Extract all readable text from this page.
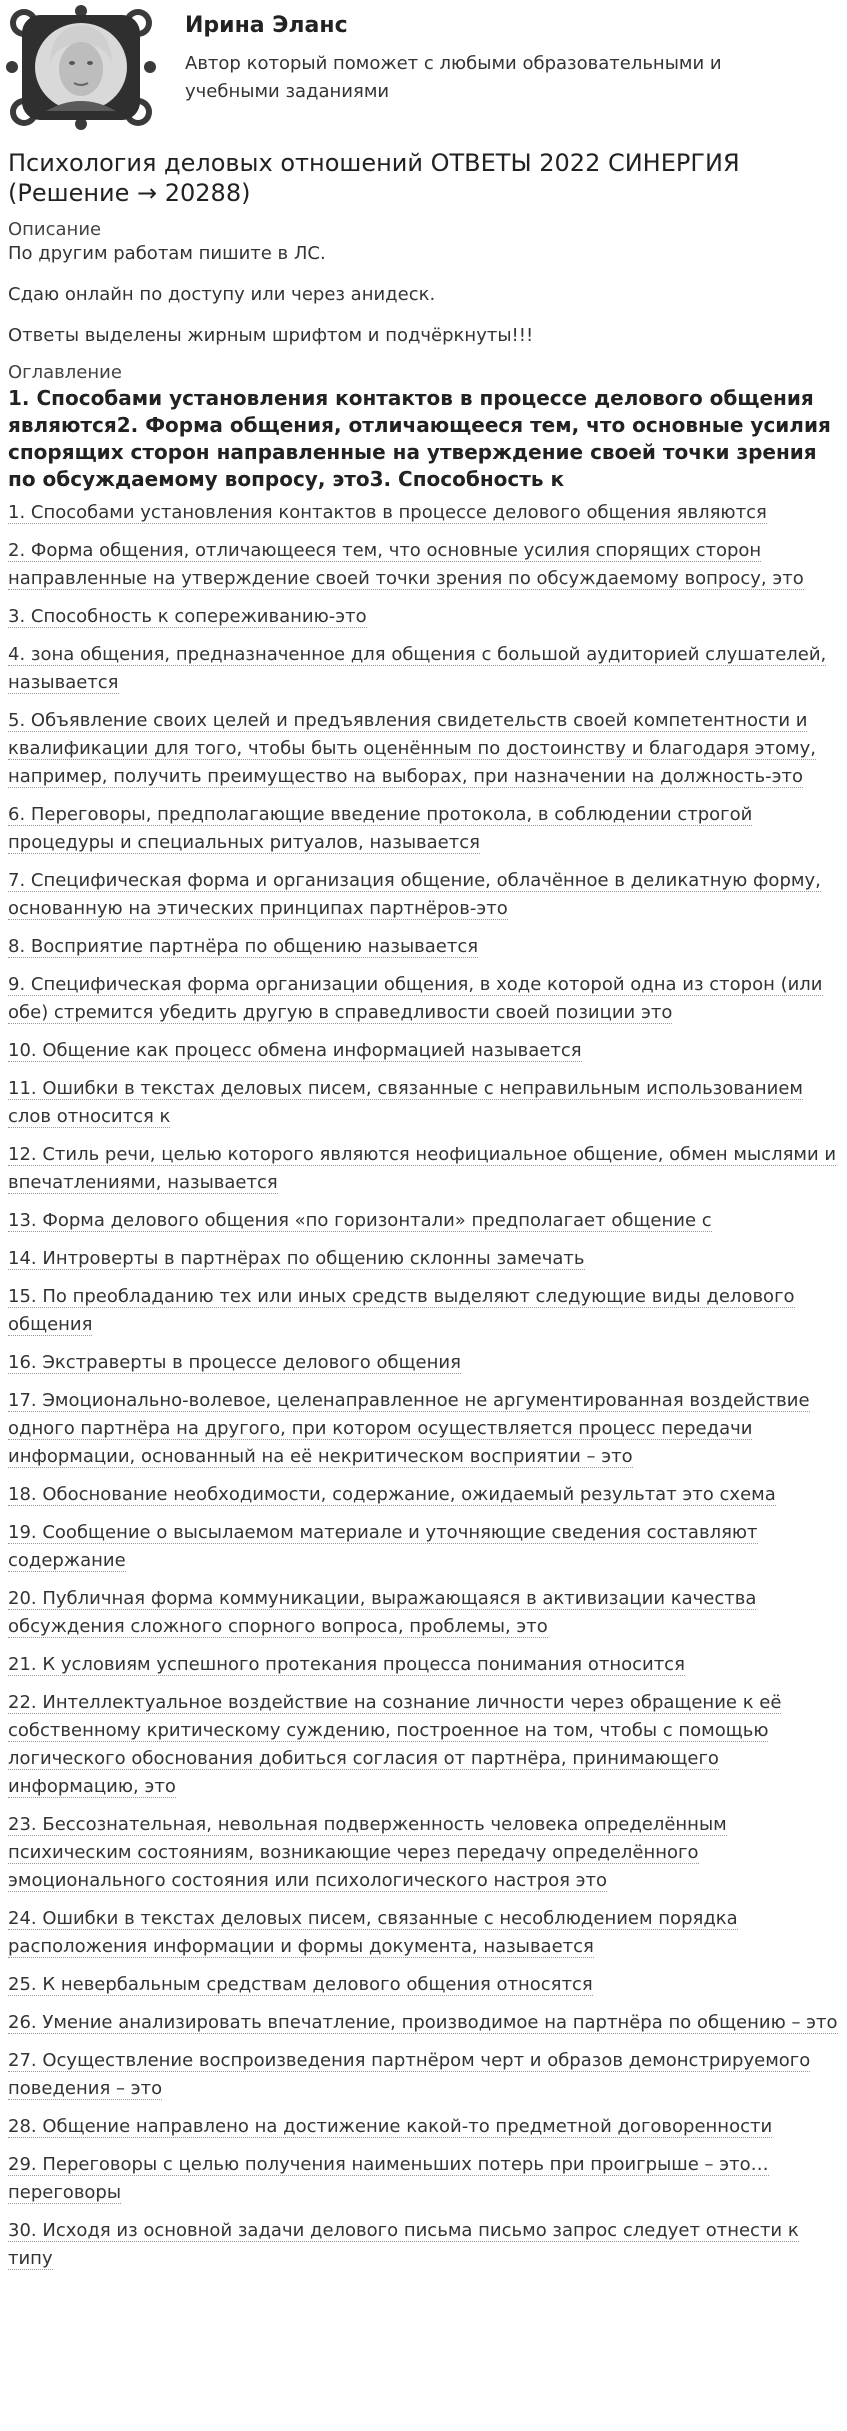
Ирина Эланс
Автор который поможет с любыми образовательными и учебными заданиями
Психология деловых отношений ОТВЕТЫ 2022 СИНЕРГИЯ (Решение → 20288)
Описание
По другим работам пишите в ЛС.
Сдаю онлайн по доступу или через анидеск.
Ответы выделены жирным шрифтом и подчёркнуты!!!
Оглавление
1. Способами установления контактов в процессе делового общения являются2. Форма общения, отличающееся тем, что основные усилия спорящих сторон направленные на утверждение своей точки зрения по обсуждаемому вопросу, это3. Способность к
1. Способами установления контактов в процессе делового общения являются
2. Форма общения, отличающееся тем, что основные усилия спорящих сторон направленные на утверждение своей точки зрения по обсуждаемому вопросу, это
3. Способность к сопереживанию-это
4. зона общения, предназначенное для общения с большой аудиторией слушателей, называется
5. Объявление своих целей и предъявления свидетельств своей компетентности и квалификации для того, чтобы быть оценённым по достоинству и благодаря этому, например, получить преимущество на выборах, при назначении на должность-это
6. Переговоры, предполагающие введение протокола, в соблюдении строгой процедуры и специальных ритуалов, называется
7. Специфическая форма и организация общение, облачённое в деликатную форму, основанную на этических принципах партнёров-это
8. Восприятие партнёра по общению называется
9. Специфическая форма организации общения, в ходе которой одна из сторон (или обе) стремится убедить другую в справедливости своей позиции это
10. Общение как процесс обмена информацией называется
11. Ошибки в текстах деловых писем, связанные с неправильным использованием слов относится к
12. Стиль речи, целью которого являются неофициальное общение, обмен мыслями и впечатлениями, называется
13. Форма делового общения «по горизонтали» предполагает общение с
14. Интроверты в партнёрах по общению склонны замечать
15. По преобладанию тех или иных средств выделяют следующие виды делового общения
16. Экстраверты в процессе делового общения
17. Эмоционально-волевое, целенаправленное не аргументированная воздействие одного партнёра на другого, при котором осуществляется процесс передачи информации, основанный на её некритическом восприятии – это
18. Обоснование необходимости, содержание, ожидаемый результат это схема
19. Сообщение о высылаемом материале и уточняющие сведения составляют содержание
20. Публичная форма коммуникации, выражающаяся в активизации качества обсуждения сложного спорного вопроса, проблемы, это
21. К условиям успешного протекания процесса понимания относится
22. Интеллектуальное воздействие на сознание личности через обращение к её собственному критическому суждению, построенное на том, чтобы с помощью логического обоснования добиться согласия от партнёра, принимающего информацию, это
23. Бессознательная, невольная подверженность человека определённым психическим состояниям, возникающие через передачу определённого эмоционального состояния или психологического настроя это
24. Ошибки в текстах деловых писем, связанные с несоблюдением порядка расположения информации и формы документа, называется
25. К невербальным средствам делового общения относятся
26. Умение анализировать впечатление, производимое на партнёра по общению – это
27. Осуществление воспроизведения партнёром черт и образов демонстрируемого поведения – это
28. Общение направлено на достижение какой-то предметной договоренности
29. Переговоры с целью получения наименьших потерь при проигрыше – это… переговоры
30. Исходя из основной задачи делового письма письмо запрос следует отнести к типу
